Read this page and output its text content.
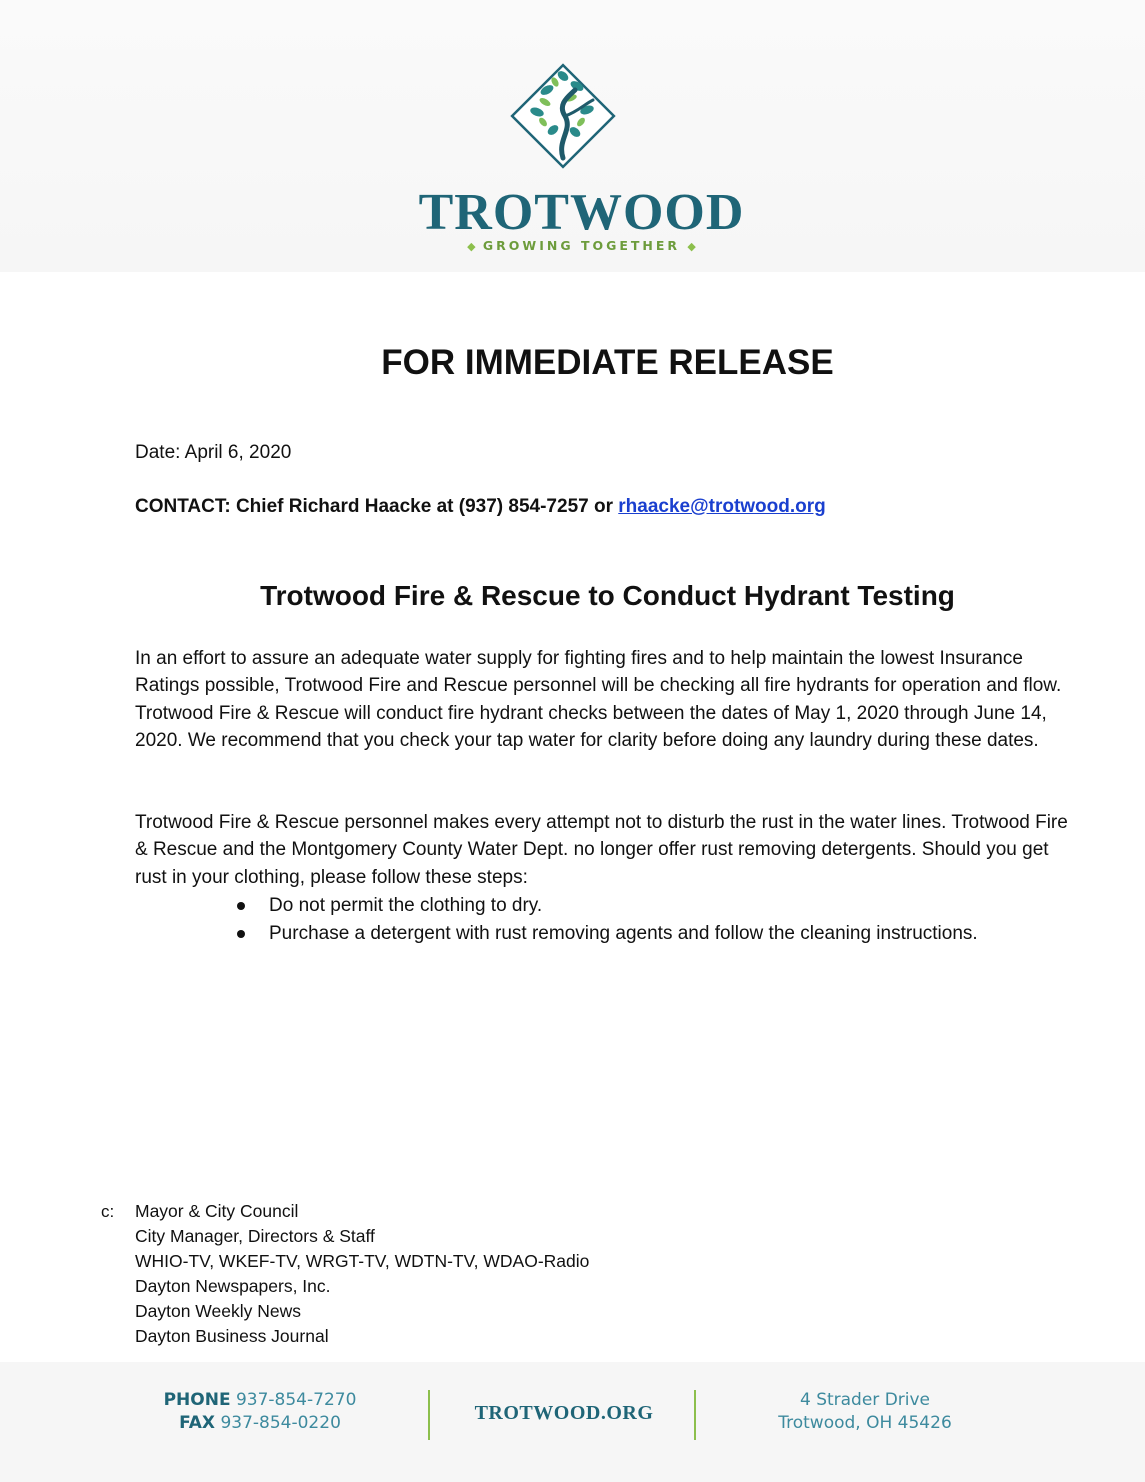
TROTWOOD
◆ GROWING TOGETHER ◆
FOR IMMEDIATE RELEASE
Date: April 6, 2020
CONTACT: Chief Richard Haacke at (937) 854-7257 or rhaacke@trotwood.org
Trotwood Fire & Rescue to Conduct Hydrant Testing

In an effort to assure an adequate water supply for fighting fires and to help maintain the lowest Insurance Ratings possible, Trotwood Fire and Rescue personnel will be checking all fire hydrants for operation and flow. Trotwood Fire & Rescue will conduct fire hydrant checks between the dates of May 1, 2020 through June 14, 2020. We recommend that you check your tap water for clarity before doing any laundry during these dates.

Trotwood Fire & Rescue personnel makes every attempt not to disturb the rust in the water lines. Trotwood Fire & Rescue and the Montgomery County Water Dept. no longer offer rust removing detergents. Should you get rust in your clothing, please follow these steps:

Do not permit the clothing to dry.
Purchase a detergent with rust removing agents and follow the cleaning instructions.
c: Mayor & City Council
City Manager, Directors & Staff
WHIO-TV, WKEF-TV, WRGT-TV, WDTN-TV, WDAO-Radio
Dayton Newspapers, Inc.
Dayton Weekly News
Dayton Business Journal
PHONE 937-854-7270
FAX 937-854-0220	TROTWOOD.ORG
4 Strader Drive
Trotwood, OH 45426
